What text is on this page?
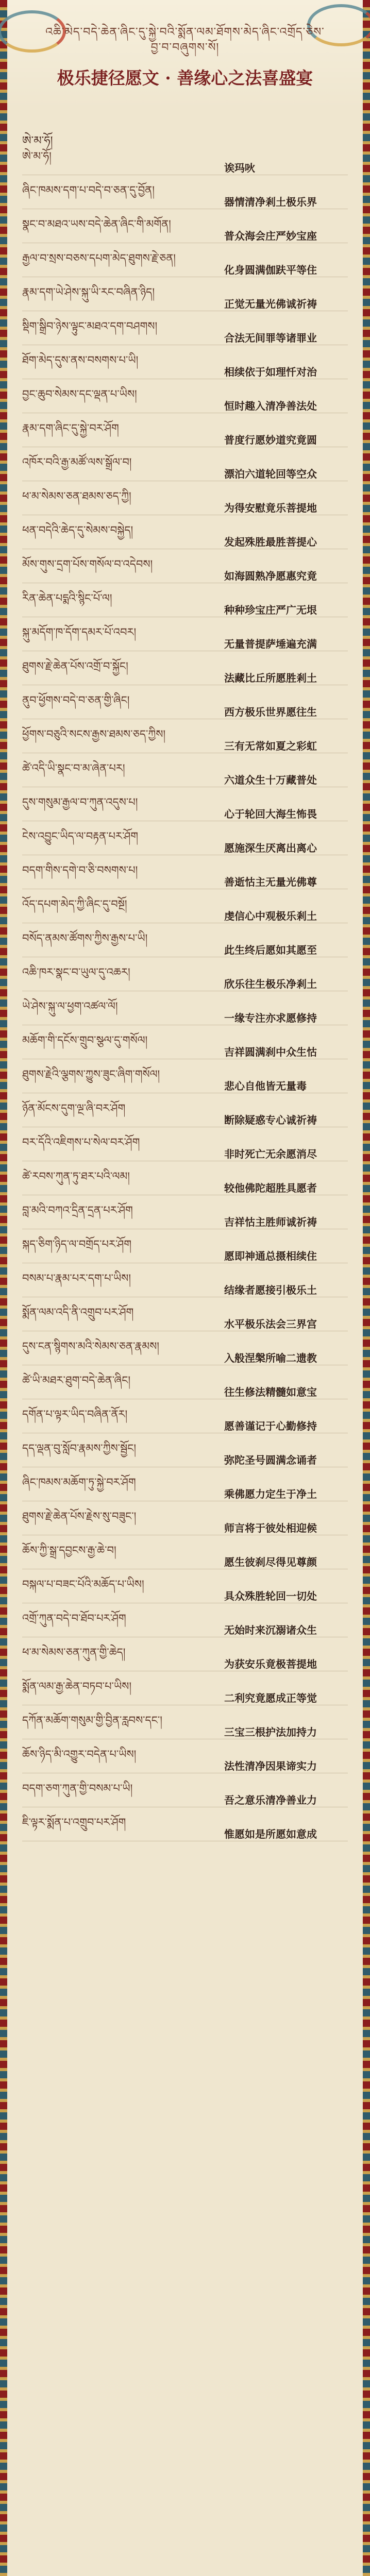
འཆི་མེད་བདེ་ཆེན་ཞིང་དུ་སྐྱེ་བའི་སྨོན་ལམ་ཐོགས་མེད་ཞིང་འགྲོད་ཅེས་བྱ་བ་བཞུགས་སོ།
极乐捷径愿文 · 善缘心之法喜盛宴
ཨེ་མ་ཧོ།
ཨེ་མ་ཧོ།
诶玛吙
ཞིང་ཁམས་དག་པ་བདེ་བ་ཅན་དུ་བྱོན།
器情清净剎土极乐界
སྣང་བ་མཐའ་ཡས་བདེ་ཆེན་ཞིང་གི་མགོན།
普众海会庄严妙宝座
རྒྱལ་བ་སྲས་བཅས་དཔག་མེད་ཐུགས་རྗེ་ཅན།
化身圆满伽趺平等住
རྣམ་དག་ཡེ་ཤེས་སྐུ་ཡི་རང་བཞིན་ཉིད།
正觉无量光佛诚祈祷
སྡིག་སྒྲིབ་ཉེས་ལྟུང་མཐའ་དག་བཤགས།
合法无间罪等诸罪业
ཐོག་མེད་དུས་ནས་བསགས་པ་ཡི།
相续依于如理忏对治
བྱང་ཆུབ་སེམས་དང་ལྡན་པ་ཡིས།
恒时趣入清净善法处
རྣམ་དག་ཞིང་དུ་སྐྱེ་བར་ཤོག
普度行愿妙道究竟圆
འཁོར་བའི་རྒྱ་མཚོ་ལས་སྒྲོལ་བ།
漂泊六道轮回等空众
ཕ་མ་སེམས་ཅན་ཐམས་ཅད་ཀྱི།
为得安慰竟乐菩提地
ཕན་བདེའི་ཆེད་དུ་སེམས་བསྐྱེད།
发起殊胜最胜菩提心
མོས་གུས་དྲག་པོས་གསོལ་བ་འདེབས།
如海圆熟净愿惠究竟
རིན་ཆེན་པདྨའི་སྙིང་པོ་ལ།
种种珍宝庄严广无垠
སྐུ་མདོག་ཁ་དོག་དམར་པོ་འབར།
无量普提萨埵遍充满
ཐུགས་རྗེ་ཆེན་པོས་འགྲོ་བ་སྐྱོང།
法藏比丘所愿胜剎土
ནུབ་ཕྱོགས་བདེ་བ་ཅན་གྱི་ཞིང།
西方极乐世界愿往生
ཕྱོགས་བཅུའི་སངས་རྒྱས་ཐམས་ཅད་ཀྱིས།
三有无常如夏之彩虹
ཚེ་འདི་ཡི་སྣང་བ་མ་ཞེན་པར།
六道众生十万藏普处
དུས་གསུམ་རྒྱལ་བ་ཀུན་འདུས་པ།
心于轮回大海生怖畏
ངེས་འབྱུང་ཡིད་ལ་བརྟན་པར་ཤོག
愿施深生厌离出离心
བདག་གིས་དགེ་བ་ཅི་བསགས་པ།
善逝怙主无量光佛尊
འོད་དཔག་མེད་ཀྱི་ཞིང་དུ་བསྔོ།
虔信心中观极乐剎土
བསོད་ནམས་ཚོགས་ཀྱིས་རྒྱས་པ་ཡི།
此生终后愿如其愿至
འཆི་ཁར་སྣང་བ་ཡུལ་དུ་འཆར།
欣乐往生极乐净剎土
ཡེ་ཤེས་སྐུ་ལ་ཕྱག་འཚལ་ལོ།
一缘专注亦求愿修持
མཆོག་གི་དངོས་གྲུབ་སྩལ་དུ་གསོལ།
吉祥圆满刹中众生怙
ཐུགས་རྗེའི་ལྕགས་ཀྱུས་ཟུང་ཞིག་གསོལ།
悲心自他皆无量毒
ཉོན་མོངས་དུག་ལྔ་ཞི་བར་ཤོག
断除疑惑专心诚祈祷
བར་དོའི་འཇིགས་པ་སེལ་བར་ཤོག
非时死亡无余愿消尽
ཚེ་རབས་ཀུན་ཏུ་ཐར་པའི་ལམ།
较他佛陀超胜具愿者
བླ་མའི་བཀའ་དྲིན་དྲན་པར་ཤོག
吉祥怙主胜师诚祈祷
སྐད་ཅིག་ཉིད་ལ་བགྲོད་པར་ཤོག
愿即神通总摄相续住
བསམ་པ་རྣམ་པར་དག་པ་ཡིས།
结缘者愿接引极乐土
སྨོན་ལམ་འདི་ནི་འགྲུབ་པར་ཤོག
水平极乐法会三界宫
དུས་ངན་སྙིགས་མའི་སེམས་ཅན་རྣམས།
入般涅槃所喻二遗教
ཚེ་ཡི་མཐར་ཐུག་བདེ་ཆེན་ཞིང།
往生修法精髓如意宝
དགོན་པ་ལྟར་ཡིད་བཞིན་ནོར།
愿善谨记于心勤修持
དད་ལྡན་བུ་སློབ་རྣམས་ཀྱིས་སྦྱོང།
弥陀圣号圆满念诵者
ཞིང་ཁམས་མཆོག་ཏུ་སྐྱེ་བར་ཤོག
乘佛愿力定生于净土
ཐུགས་རྗེ་ཆེན་པོས་རྗེས་སུ་བཟུང་།
师言将于彼处相迎候
ཆོས་ཀྱི་སྒྲ་དབྱངས་རྒྱ་ཆེ་བ།
愿生彼刹尽得见尊颜
བསྐལ་པ་བཟང་པོའི་མཆོད་པ་ཡིས།
具众殊胜轮回一切处
འགྲོ་ཀུན་བདེ་བ་ཐོབ་པར་ཤོག
无始时来沉溺诸众生
ཕ་མ་སེམས་ཅན་ཀུན་གྱི་ཆེད།
为获安乐竟极菩提地
སྨོན་ལམ་རྒྱ་ཆེན་བཏབ་པ་ཡིས།
二利究竟愿成正等觉
དཀོན་མཆོག་གསུམ་གྱི་བྱིན་རླབས་དང་།
三宝三根护法加持力
ཆོས་ཉིད་མི་འགྱུར་བདེན་པ་ཡིས།
法性清净因果谛实力
བདག་ཅག་ཀུན་གྱི་བསམ་པ་ཡི།
吾之意乐清净善业力
ཇི་ལྟར་སྨོན་པ་འགྲུབ་པར་ཤོག
惟愿如是所愿如意成
